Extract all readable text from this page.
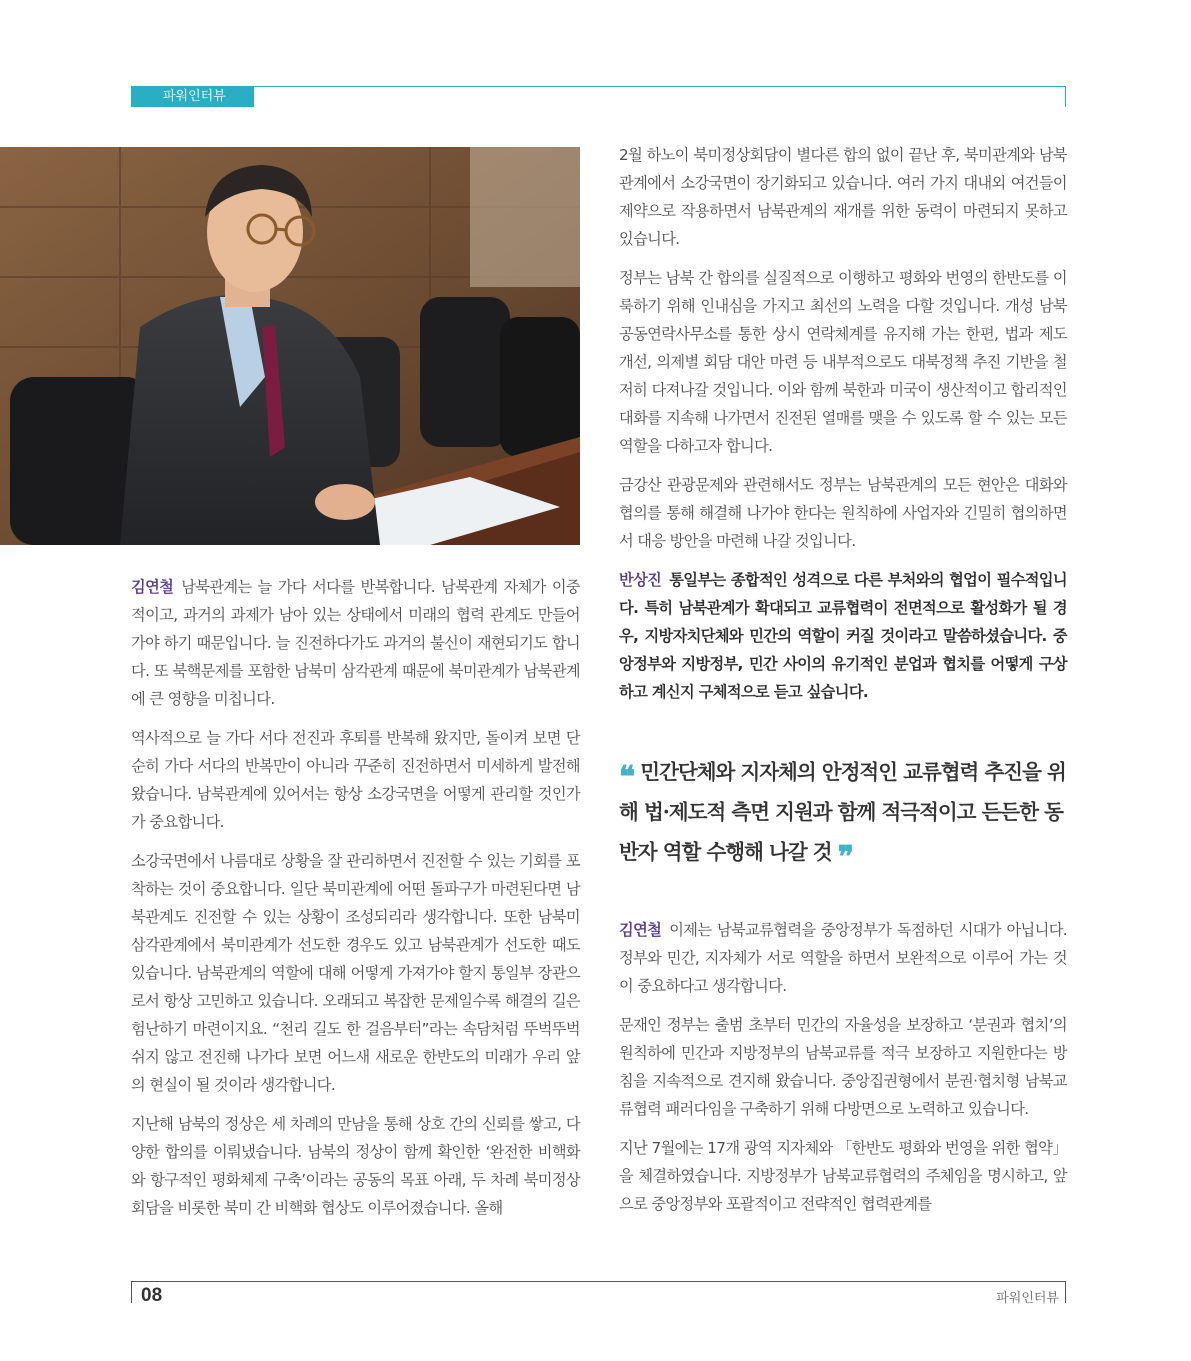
파워인터뷰

김연철 남북관계는 늘 가다 서다를 반복합니다. 남북관계 자체가 이중적이고, 과거의 과제가 남아 있는 상태에서 미래의 협력 관계도 만들어 가야 하기 때문입니다. 늘 진전하다가도 과거의 불신이 재현되기도 합니다. 또 북핵문제를 포함한 남북미 삼각관계 때문에 북미관계가 남북관계에 큰 영향을 미칩니다.

역사적으로 늘 가다 서다 전진과 후퇴를 반복해 왔지만, 돌이켜 보면 단순히 가다 서다의 반복만이 아니라 꾸준히 진전하면서 미세하게 발전해 왔습니다. 남북관계에 있어서는 항상 소강국면을 어떻게 관리할 것인가가 중요합니다.

소강국면에서 나름대로 상황을 잘 관리하면서 진전할 수 있는 기회를 포착하는 것이 중요합니다. 일단 북미관계에 어떤 돌파구가 마련된다면 남북관계도 진전할 수 있는 상황이 조성되리라 생각합니다. 또한 남북미 삼각관계에서 북미관계가 선도한 경우도 있고 남북관계가 선도한 때도 있습니다. 남북관계의 역할에 대해 어떻게 가져가야 할지 통일부 장관으로서 항상 고민하고 있습니다. 오래되고 복잡한 문제일수록 해결의 길은 험난하기 마련이지요. “천리 길도 한 걸음부터”라는 속담처럼 뚜벅뚜벅 쉬지 않고 전진해 나가다 보면 어느새 새로운 한반도의 미래가 우리 앞의 현실이 될 것이라 생각합니다.

지난해 남북의 정상은 세 차례의 만남을 통해 상호 간의 신뢰를 쌓고, 다양한 합의를 이뤄냈습니다. 남북의 정상이 함께 확인한 ‘완전한 비핵화와 항구적인 평화체제 구축’이라는 공동의 목표 아래, 두 차례 북미정상회담을 비롯한 북미 간 비핵화 협상도 이루어졌습니다. 올해

2월 하노이 북미정상회담이 별다른 합의 없이 끝난 후, 북미관계와 남북관계에서 소강국면이 장기화되고 있습니다. 여러 가지 대내외 여건들이 제약으로 작용하면서 남북관계의 재개를 위한 동력이 마련되지 못하고 있습니다.

정부는 남북 간 합의를 실질적으로 이행하고 평화와 번영의 한반도를 이룩하기 위해 인내심을 가지고 최선의 노력을 다할 것입니다. 개성 남북 공동연락사무소를 통한 상시 연락체계를 유지해 가는 한편, 법과 제도 개선, 의제별 회담 대안 마련 등 내부적으로도 대북정책 추진 기반을 철저히 다져나갈 것입니다. 이와 함께 북한과 미국이 생산적이고 합리적인 대화를 지속해 나가면서 진전된 열매를 맺을 수 있도록 할 수 있는 모든 역할을 다하고자 합니다.

금강산 관광문제와 관련해서도 정부는 남북관계의 모든 현안은 대화와 협의를 통해 해결해 나가야 한다는 원칙하에 사업자와 긴밀히 협의하면서 대응 방안을 마련해 나갈 것입니다.

반상진 통일부는 종합적인 성격으로 다른 부처와의 협업이 필수적입니다. 특히 남북관계가 확대되고 교류협력이 전면적으로 활성화가 될 경우, 지방자치단체와 민간의 역할이 커질 것이라고 말씀하셨습니다. 중앙정부와 지방정부, 민간 사이의 유기적인 분업과 협치를 어떻게 구상하고 계신지 구체적으로 듣고 싶습니다.

❝ 민간단체와 지자체의 안정적인 교류협력 추진을 위해 법·제도적 측면 지원과 함께 적극적이고 든든한 동반자 역할 수행해 나갈 것 ❞

김연철 이제는 남북교류협력을 중앙정부가 독점하던 시대가 아닙니다. 정부와 민간, 지자체가 서로 역할을 하면서 보완적으로 이루어 가는 것이 중요하다고 생각합니다.

문재인 정부는 출범 초부터 민간의 자율성을 보장하고 ‘분권과 협치’의 원칙하에 민간과 지방정부의 남북교류를 적극 보장하고 지원한다는 방침을 지속적으로 견지해 왔습니다. 중앙집권형에서 분권·협치형 남북교류협력 패러다임을 구축하기 위해 다방면으로 노력하고 있습니다.

지난 7월에는 17개 광역 지자체와 「한반도 평화와 번영을 위한 협약」을 체결하였습니다. 지방정부가 남북교류협력의 주체임을 명시하고, 앞으로 중앙정부와 포괄적이고 전략적인 협력관계를

08	파워인터뷰
